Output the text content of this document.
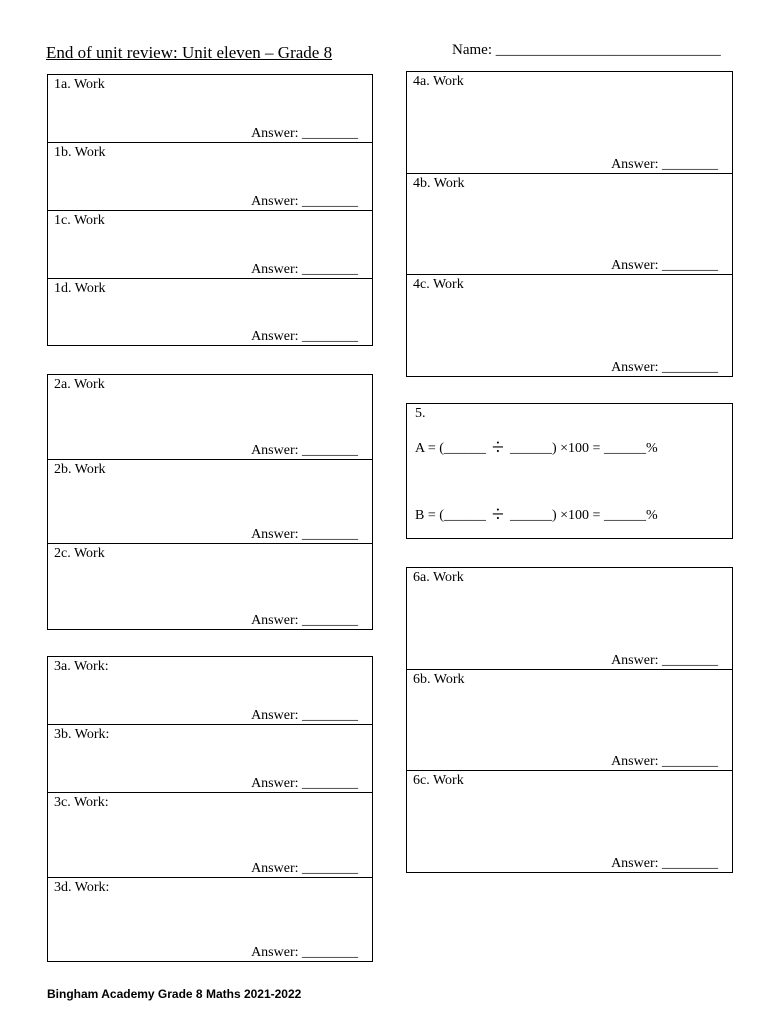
End of unit review: Unit eleven – Grade 8	Name: ______________________________
1a. Work
Answer: ________
1b. Work
Answer: ________
1c. Work
Answer: ________
1d. Work
Answer: ________
2a. Work
Answer: ________
2b. Work
Answer: ________
2c. Work
Answer: ________
3a. Work:
Answer: ________
3b. Work:
Answer: ________
3c. Work:
Answer: ________
3d. Work:
Answer: ________
4a. Work
Answer: ________
4b. Work
Answer: ________
4c. Work
Answer: ________
5.
A = (______ ÷ ______) ×100 = ______%
B = (______ ÷ ______) ×100 = ______%
6a. Work
Answer: ________
6b. Work
Answer: ________
6c. Work
Answer: ________
Bingham Academy Grade 8 Maths 2021-2022
